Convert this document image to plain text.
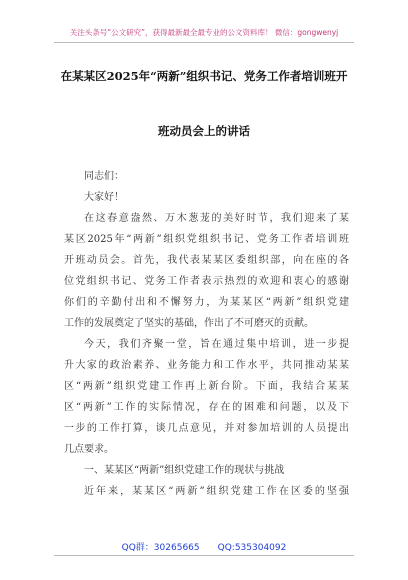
关注头条号“公文研究”，获得最新最全最专业的公文资料库！ 微信：gongwenyj
在某某区2025年“两新”组织书记、党务工作者培训班开
班动员会上的讲话
同志们：
大家好！
在这春意盎然、万木葱茏的美好时节，我们迎来了某
某区2025年“两新”组织党组织书记、党务工作者培训班
开班动员会。首先，我代表某某区委组织部，向在座的各
位党组织书记、党务工作者表示热烈的欢迎和衷心的感谢
你们的辛勤付出和不懈努力，为某某区“两新”组织党建
工作的发展奠定了坚实的基础，作出了不可磨灭的贡献。
今天，我们齐聚一堂，旨在通过集中培训，进一步提
升大家的政治素养、业务能力和工作水平，共同推动某某
区“两新”组织党建工作再上新台阶。下面，我结合某某
区“两新”工作的实际情况，存在的困难和问题，以及下
一步的工作打算，谈几点意见，并对参加培训的人员提出
几点要求。
一、某某区“两新”组织党建工作的现状与挑战
近年来，某某区“两新”组织党建工作在区委的坚强
QQ群：30265665　　QQ:535304092
